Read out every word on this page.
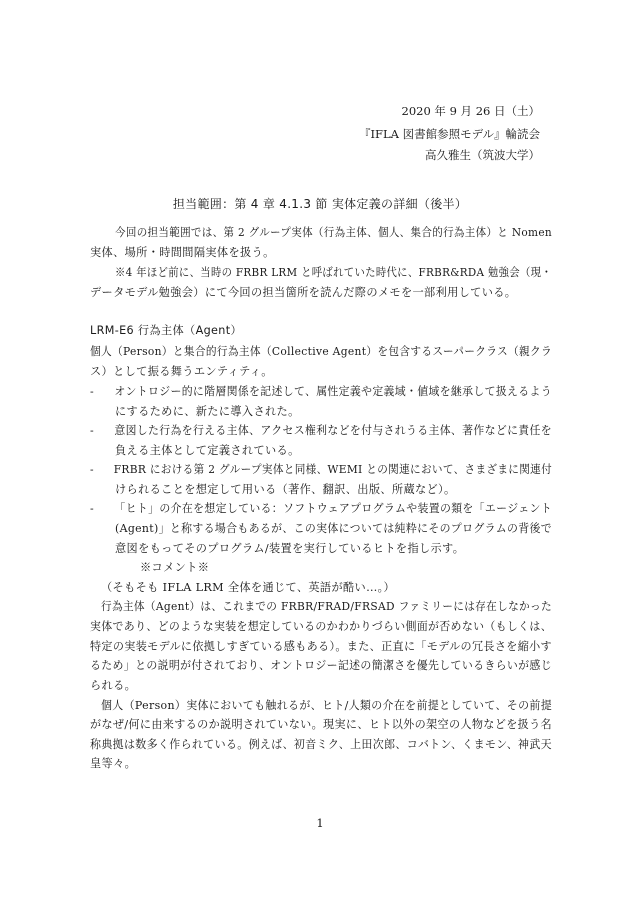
2020 年 9 月 26 日（土）
『IFLA 図書館参照モデル』輪読会
高久雅生（筑波大学）
担当範囲：第 4 章 4.1.3 節 実体定義の詳細（後半）
今回の担当範囲では、第 2 グループ実体（行為主体、個人、集合的行為主体）と Nomen
実体、場所・時間間隔実体を扱う。
※4 年ほど前に、当時の FRBR LRM と呼ばれていた時代に、FRBR&RDA 勉強会（現・
データモデル勉強会）にて今回の担当箇所を読んだ際のメモを一部利用している。
LRM-E6 行為主体（Agent）
個人（Person）と集合的行為主体（Collective Agent）を包含するスーパークラス（親クラ
ス）として振る舞うエンティティ。
- オントロジー的に階層関係を記述して、属性定義や定義域・値域を継承して扱えるよう
にするために、新たに導入された。
- 意図した行為を行える主体、アクセス権利などを付与されうる主体、著作などに責任を
負える主体として定義されている。
- FRBR における第 2 グループ実体と同様、WEMI との関連において、さまざまに関連付
けられることを想定して用いる（著作、翻訳、出版、所蔵など）。
- 「ヒト」の介在を想定している：ソフトウェアプログラムや装置の類を「エージェント
(Agent)」と称する場合もあるが、この実体については純粋にそのプログラムの背後で
意図をもってそのプログラム/装置を実行しているヒトを指し示す。
※コメント※
（そもそも IFLA LRM 全体を通じて、英語が酷い…。）
行為主体（Agent）は、これまでの FRBR/FRAD/FRSAD ファミリーには存在しなかった
実体であり、どのような実装を想定しているのかわかりづらい側面が否めない（もしくは、
特定の実装モデルに依拠しすぎている感もある）。また、正直に「モデルの冗長さを縮小す
るため」との説明が付されており、オントロジー記述の簡潔さを優先しているきらいが感じ
られる。
個人（Person）実体においても触れるが、ヒト/人類の介在を前提としていて、その前提
がなぜ/何に由来するのか説明されていない。現実に、ヒト以外の架空の人物などを扱う名
称典拠は数多く作られている。例えば、初音ミク、上田次郎、コバトン、くまモン、神武天
皇等々。
1
